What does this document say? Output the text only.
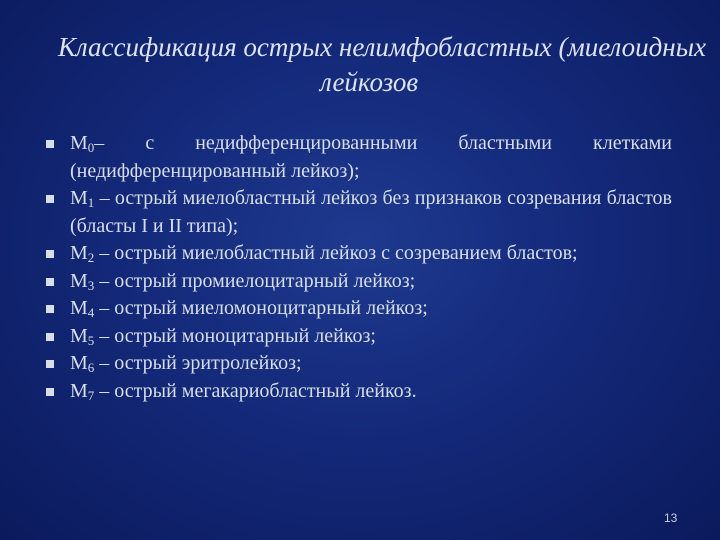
Классификация острых нелимфобластных (миелоидных
лейкозов
$M_0-$ с недифференцированными бластными клетками (недифференцированный лейкоз);
$M_1$ – острый миелобластный лейкоз без признаков созревания бластов (бласты I и II типа);
$M_2$ – острый миелобластный лейкоз с созреванием бластов;
$M_3$ – острый промиелоцитарный лейкоз;
$M_4$ – острый миеломоноцитарный лейкоз;
$M_5$ – острый моноцитарный лейкоз;
$M_6$ – острый эритролейкоз;
$M_7$ – острый мегакариобластный лейкоз.
13
